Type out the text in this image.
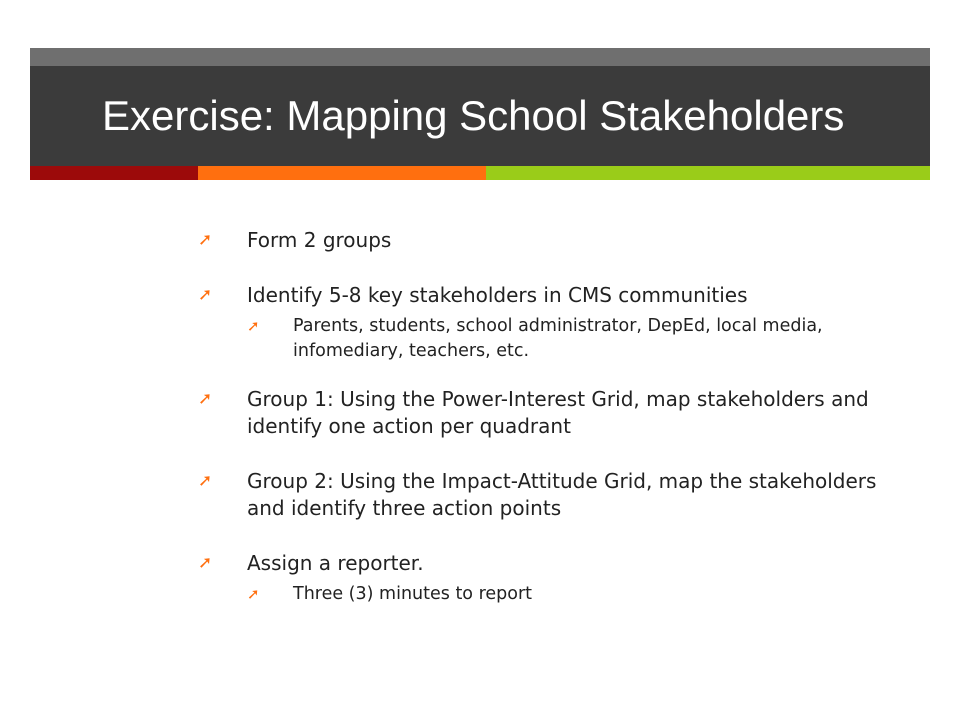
Exercise: Mapping School Stakeholders
➚ Form 2 groups
➚ Identify 5-8 key stakeholders in CMS communities
➚ Parents, students, school administrator, DepEd, local media, infomediary, teachers, etc.
➚ Group 1: Using the Power-Interest Grid, map stakeholders and identify one action per quadrant
➚ Group 2: Using the Impact-Attitude Grid, map the stakeholders and identify three action points
➚ Assign a reporter.
➚ Three (3) minutes to report
